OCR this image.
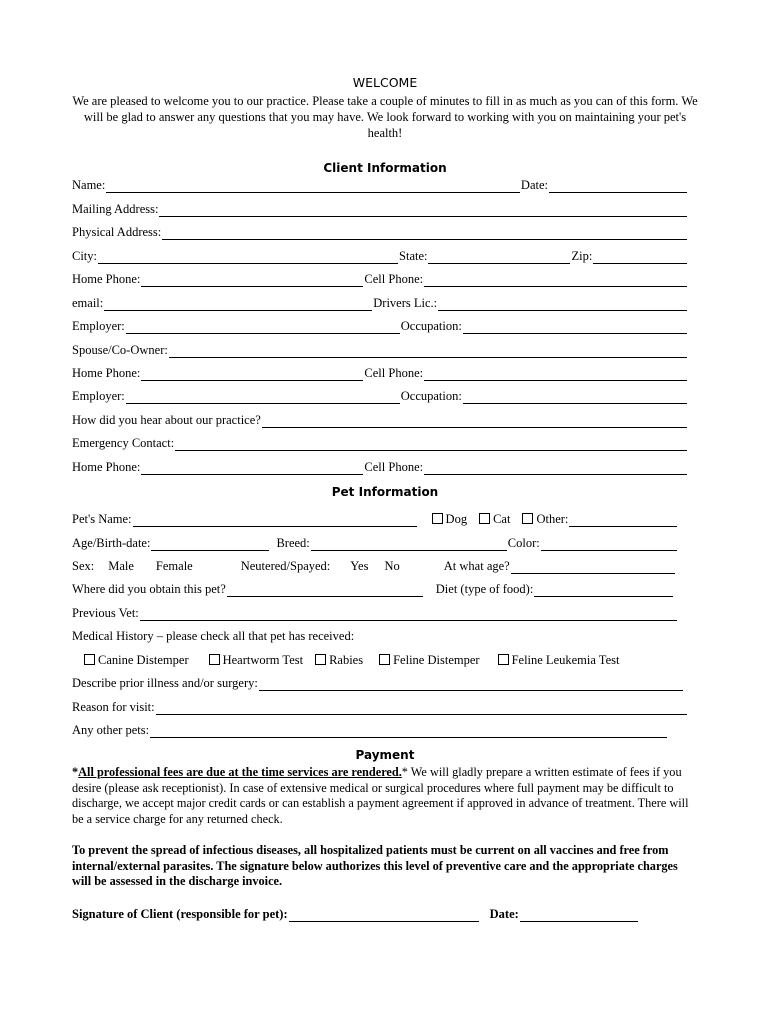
WELCOME
We are pleased to welcome you to our practice. Please take a couple of minutes to fill in as much as you can of this form. We will be glad to answer any questions that you may have. We look forward to working with you on maintaining your pet's health!
Client Information
Name:	Date:
Mailing Address:
Physical Address:
City:	State:	Zip:
Home Phone:	Cell Phone:
email:	Drivers Lic.:
Employer:	Occupation:
Spouse/Co-Owner:
Home Phone:	Cell Phone:
Employer:	Occupation:
How did you hear about our practice?
Emergency Contact:
Home Phone:	Cell Phone:
Pet Information
Pet's Name:	Dog	Cat	Other:
Age/Birth-date:	Breed:	Color:
Sex: Male Female	Neutered/Spayed: Yes No	At what age?
Where did you obtain this pet?	Diet (type of food):
Previous Vet:
Medical History – please check all that pet has received:
Canine Distemper	Heartworm Test	Rabies	Feline Distemper	Feline Leukemia Test
Describe prior illness and/or surgery:
Reason for visit:
Any other pets:
Payment
*All professional fees are due at the time services are rendered.* We will gladly prepare a written estimate of fees if you desire (please ask receptionist). In case of extensive medical or surgical procedures where full payment may be difficult to discharge, we accept major credit cards or can establish a payment agreement if approved in advance of treatment. There will be a service charge for any returned check.
To prevent the spread of infectious diseases, all hospitalized patients must be current on all vaccines and free from internal/external parasites. The signature below authorizes this level of preventive care and the appropriate charges will be assessed in the discharge invoice.
Signature of Client (responsible for pet):	Date:
